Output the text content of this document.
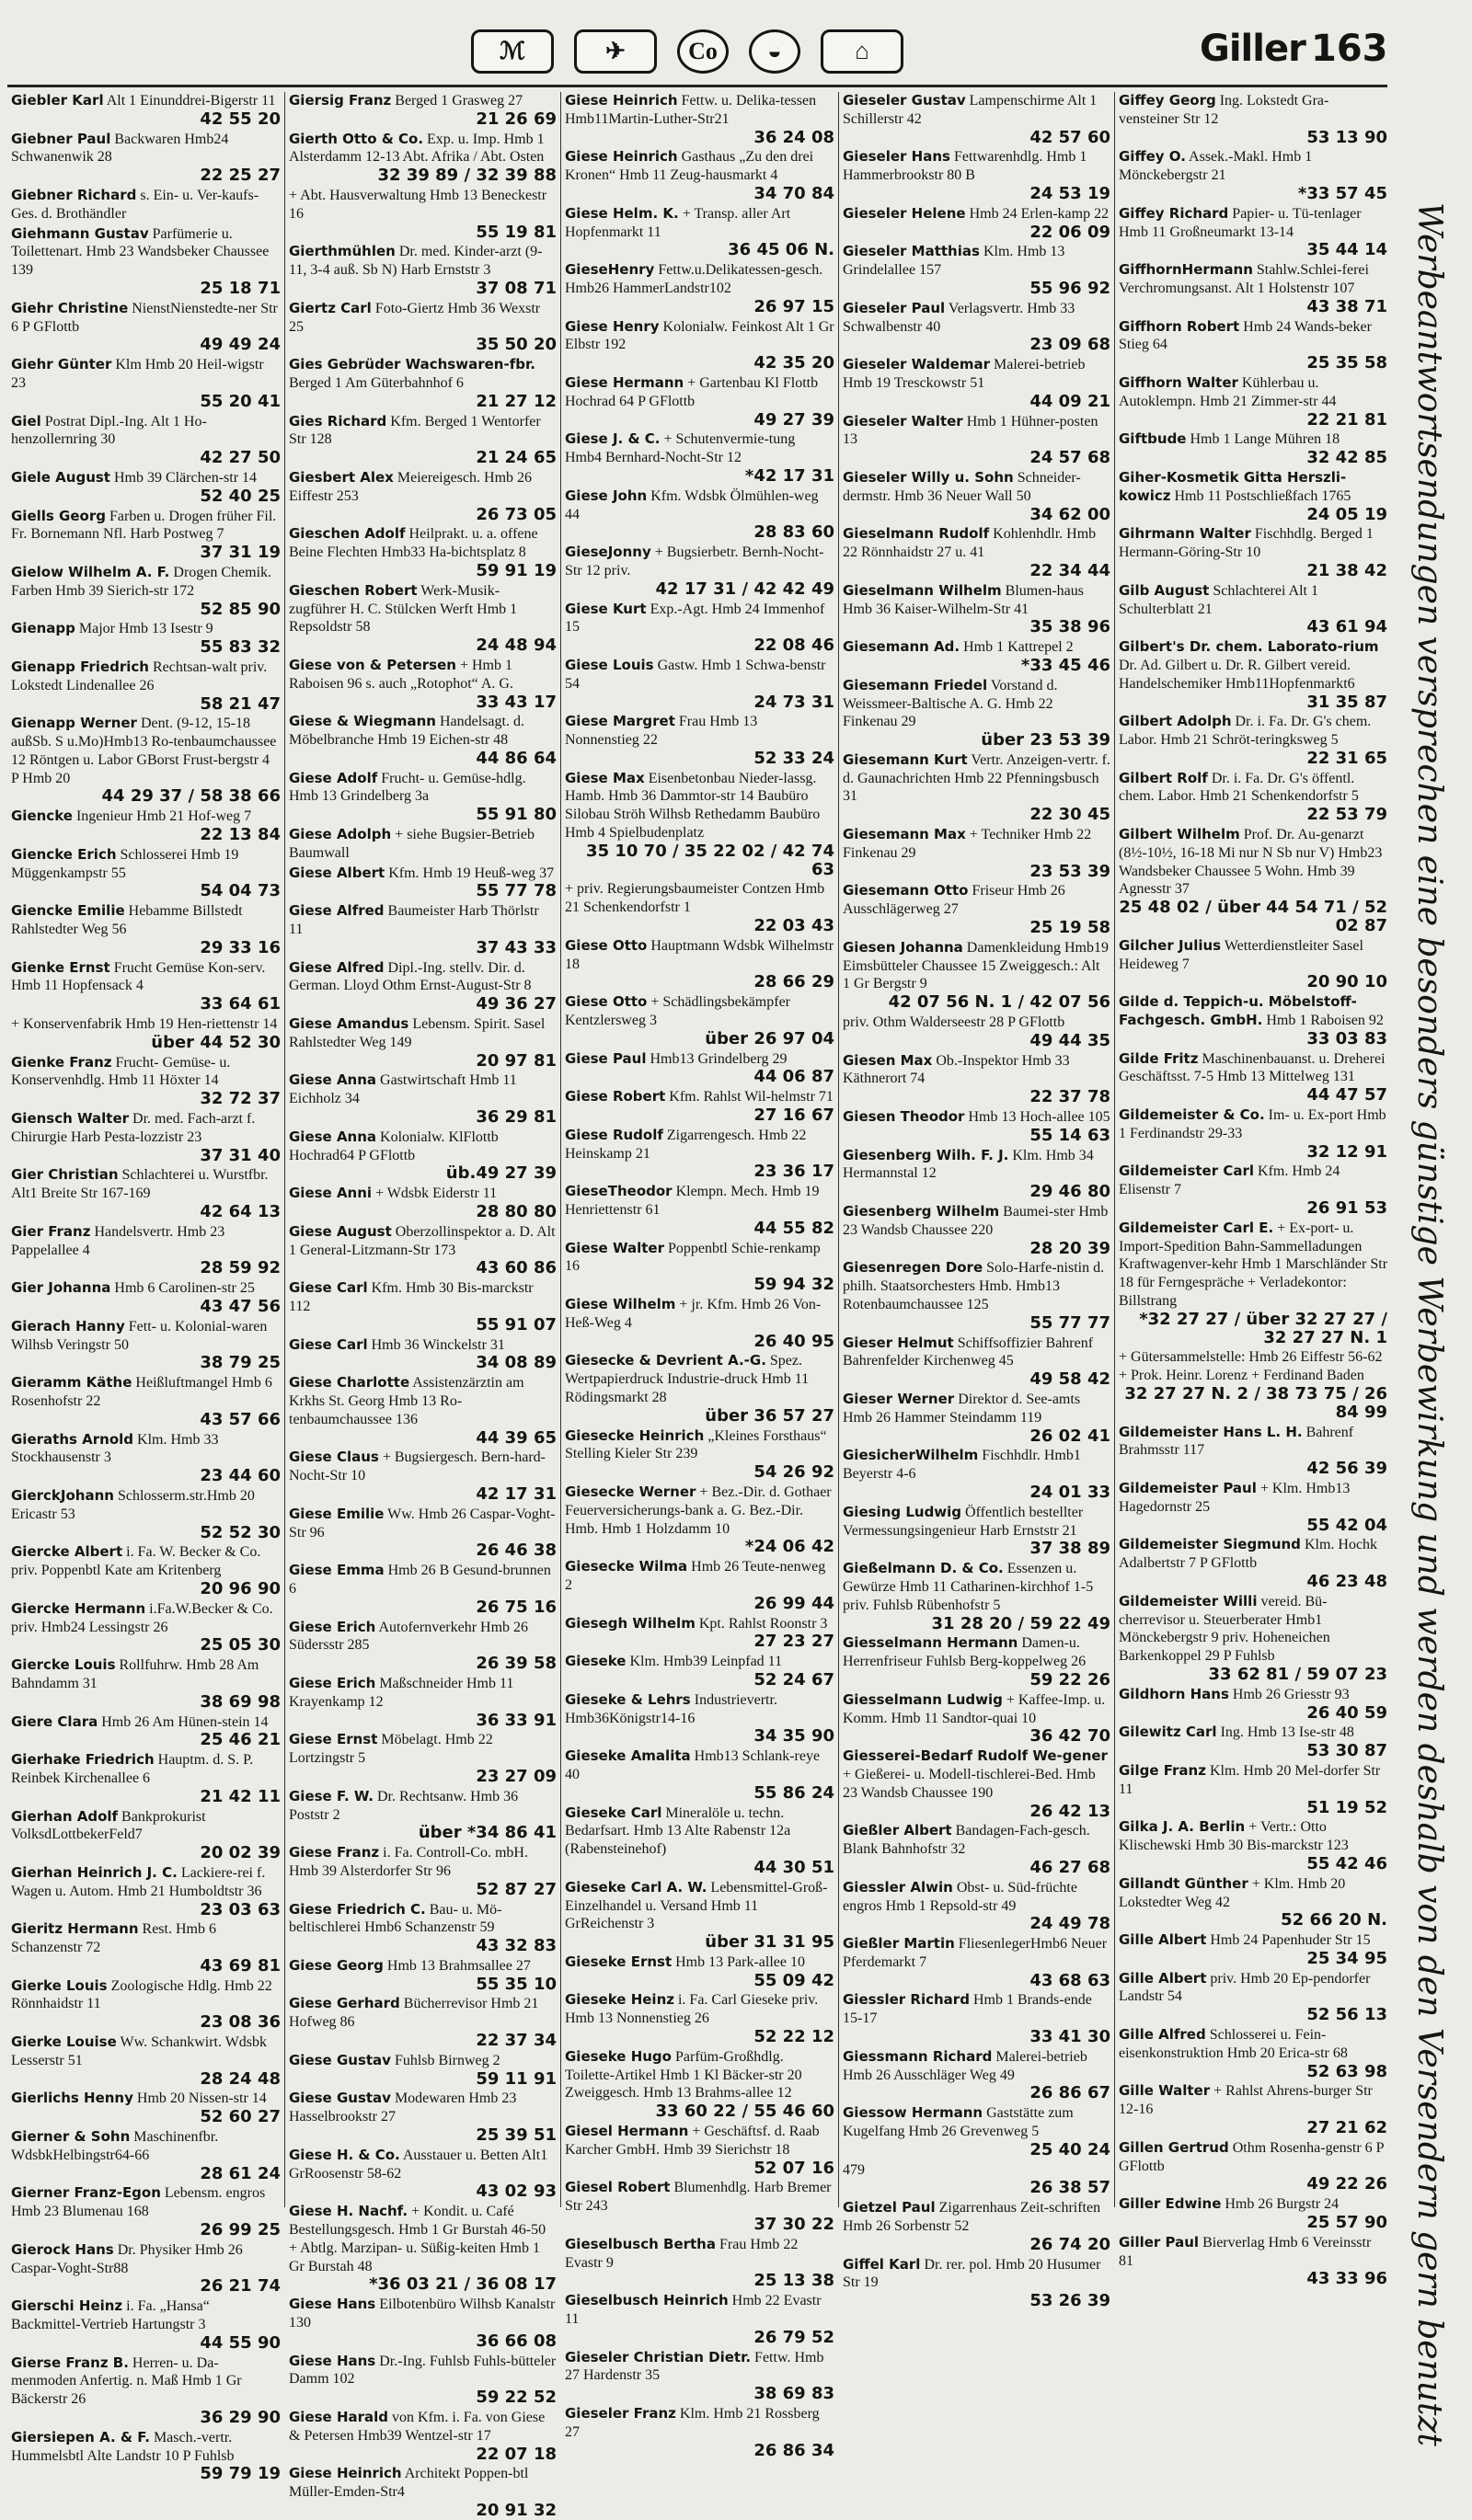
ℳ	✈	Co	◒	⌂	Giller 163
Giebler Karl Alt 1 Einunddrei-Bigerstr 11
42 55 20
Giebner Paul Backwaren Hmb24 Schwanenwik 28
22 25 27
Giebner Richard s. Ein- u. Ver-kaufs-Ges. d. Brothändler
Giehmann Gustav Parfümerie u. Toilettenart. Hmb 23 Wandsbeker Chaussee 139
25 18 71
Giehr Christine NienstNienstedte-ner Str 6 P GFlottb
49 49 24
Giehr Günter Klm Hmb 20 Heil-wigstr 23
55 20 41
Giel Postrat Dipl.-Ing. Alt 1 Ho-henzollernring 30
42 27 50
Giele August Hmb 39 Clärchen-str 14
52 40 25
Giells Georg Farben u. Drogen früher Fil. Fr. Bornemann Nfl. Harb Postweg 7
37 31 19
Gielow Wilhelm A. F. Drogen Chemik. Farben Hmb 39 Sierich-str 172
52 85 90
Gienapp Major Hmb 13 Isestr 9
55 83 32
Gienapp Friedrich Rechtsan-walt priv. Lokstedt Lindenallee 26
58 21 47
Gienapp Werner Dent. (9-12, 15-18 außSb. S u.Mo)Hmb13 Ro-tenbaumchaussee 12 Röntgen u. Labor GBorst Frust-bergstr 4 P Hmb 20
44 29 37 / 58 38 66
Giencke Ingenieur Hmb 21 Hof-weg 7
22 13 84
Giencke Erich Schlosserei Hmb 19 Müggenkampstr 55
54 04 73
Giencke Emilie Hebamme Billstedt Rahlstedter Weg 56
29 33 16
Gienke Ernst Frucht Gemüse Kon-serv. Hmb 11 Hopfensack 4
33 64 61
+ Konservenfabrik Hmb 19 Hen-riettenstr 14
über 44 52 30
Gienke Franz Frucht- Gemüse- u. Konservenhdlg. Hmb 11 Höxter 14
32 72 37
Giensch Walter Dr. med. Fach-arzt f. Chirurgie Harb Pesta-lozzistr 23
37 31 40
Gier Christian Schlachterei u. Wurstfbr. Alt1 Breite Str 167-169
42 64 13
Gier Franz Handelsvertr. Hmb 23 Pappelallee 4
28 59 92
Gier Johanna Hmb 6 Carolinen-str 25
43 47 56
Gierach Hanny Fett- u. Kolonial-waren Wilhsb Veringstr 50
38 79 25
Gieramm Käthe Heißluftmangel Hmb 6 Rosenhofstr 22
43 57 66
Gieraths Arnold Klm. Hmb 33 Stockhausenstr 3
23 44 60
GierckJohann Schlosserm.str.Hmb 20 Ericastr 53
52 52 30
Giercke Albert i. Fa. W. Becker & Co. priv. Poppenbtl Kate am Kritenberg
20 96 90
Giercke Hermann i.Fa.W.Becker & Co. priv. Hmb24 Lessingstr 26
25 05 30
Giercke Louis Rollfuhrw. Hmb 28 Am Bahndamm 31
38 69 98
Giere Clara Hmb 26 Am Hünen-stein 14
25 46 21
Gierhake Friedrich Hauptm. d. S. P. Reinbek Kirchenallee 6
21 42 11
Gierhan Adolf Bankprokurist VolksdLottbekerFeld7
20 02 39
Gierhan Heinrich J. C. Lackiere-rei f. Wagen u. Autom. Hmb 21 Humboldtstr 36
23 03 63
Gieritz Hermann Rest. Hmb 6 Schanzenstr 72
43 69 81
Gierke Louis Zoologische Hdlg. Hmb 22 Rönnhaidstr 11
23 08 36
Gierke Louise Ww. Schankwirt. Wdsbk Lesserstr 51
28 24 48
Gierlichs Henny Hmb 20 Nissen-str 14
52 60 27
Gierner & Sohn Maschinenfbr. WdsbkHelbingstr64-66
28 61 24
Gierner Franz-Egon Lebensm. engros Hmb 23 Blumenau 168
26 99 25
Gierock Hans Dr. Physiker Hmb 26 Caspar-Voght-Str88
26 21 74
Gierschi Heinz i. Fa. „Hansa“ Backmittel-Vertrieb Hartungstr 3
44 55 90
Gierse Franz B. Herren- u. Da-menmoden Anfertig. n. Maß Hmb 1 Gr Bäckerstr 26
36 29 90
Giersiepen A. & F. Masch.-vertr. Hummelsbtl Alte Landstr 10 P Fuhlsb
59 79 19
Giersig Franz Berged 1 Grasweg 27
21 26 69
Gierth Otto & Co. Exp. u. Imp. Hmb 1 Alsterdamm 12-13 Abt. Afrika / Abt. Osten
32 39 89 / 32 39 88
+ Abt. Hausverwaltung Hmb 13 Beneckestr 16
55 19 81
Gierthmühlen Dr. med. Kinder-arzt (9-11, 3-4 auß. Sb N) Harb Ernststr 3
37 08 71
Giertz Carl Foto-Giertz Hmb 36 Wexstr 25
35 50 20
Gies Gebrüder Wachswaren-fbr. Berged 1 Am Güterbahnhof 6
21 27 12
Gies Richard Kfm. Berged 1 Wentorfer Str 128
21 24 65
Giesbert Alex Meiereigesch. Hmb 26 Eiffestr 253
26 73 05
Gieschen Adolf Heilprakt. u. a. offene Beine Flechten Hmb33 Ha-bichtsplatz 8
59 91 19
Gieschen Robert Werk-Musik-zugführer H. C. Stülcken Werft Hmb 1 Repsoldstr 58
24 48 94
Giese von & Petersen + Hmb 1 Raboisen 96 s. auch „Rotophot“ A. G.
33 43 17
Giese & Wiegmann Handelsagt. d. Möbelbranche Hmb 19 Eichen-str 48
44 86 64
Giese Adolf Frucht- u. Gemüse-hdlg. Hmb 13 Grindelberg 3a
55 91 80
Giese Adolph + siehe Bugsier-Betrieb Baumwall
Giese Albert Kfm. Hmb 19 Heuß-weg 37
55 77 78
Giese Alfred Baumeister Harb Thörlstr 11
37 43 33
Giese Alfred Dipl.-Ing. stellv. Dir. d. German. Lloyd Othm Ernst-August-Str 8
49 36 27
Giese Amandus Lebensm. Spirit. Sasel Rahlstedter Weg 149
20 97 81
Giese Anna Gastwirtschaft Hmb 11 Eichholz 34
36 29 81
Giese Anna Kolonialw. KlFlottb Hochrad64 P GFlottb
üb.49 27 39
Giese Anni + Wdsbk Eiderstr 11
28 80 80
Giese August Oberzollinspektor a. D. Alt 1 General-Litzmann-Str 173
43 60 86
Giese Carl Kfm. Hmb 30 Bis-marckstr 112
55 91 07
Giese Carl Hmb 36 Winckelstr 31
34 08 89
Giese Charlotte Assistenzärztin am Krkhs St. Georg Hmb 13 Ro-tenbaumchaussee 136
44 39 65
Giese Claus + Bugsiergesch. Bern-hard-Nocht-Str 10
42 17 31
Giese Emilie Ww. Hmb 26 Caspar-Voght-Str 96
26 46 38
Giese Emma Hmb 26 B Gesund-brunnen 6
26 75 16
Giese Erich Autofernverkehr Hmb 26 Südersstr 285
26 39 58
Giese Erich Maßschneider Hmb 11 Krayenkamp 12
36 33 91
Giese Ernst Möbelagt. Hmb 22 Lortzingstr 5
23 27 09
Giese F. W. Dr. Rechtsanw. Hmb 36 Poststr 2
über *34 86 41
Giese Franz i. Fa. Controll-Co. mbH. Hmb 39 Alsterdorfer Str 96
52 87 27
Giese Friedrich C. Bau- u. Mö-beltischlerei Hmb6 Schanzenstr 59
43 32 83
Giese Georg Hmb 13 Brahmsallee 27
55 35 10
Giese Gerhard Bücherrevisor Hmb 21 Hofweg 86
22 37 34
Giese Gustav Fuhlsb Birnweg 2
59 11 91
Giese Gustav Modewaren Hmb 23 Hasselbrookstr 27
25 39 51
Giese H. & Co. Ausstauer u. Betten Alt1 GrRoosenstr 58-62
43 02 93
Giese H. Nachf. + Kondit. u. Café Bestellungsgesch. Hmb 1 Gr Burstah 46-50 + Abtlg. Marzipan- u. Süßig-keiten Hmb 1 Gr Burstah 48
*36 03 21 / 36 08 17
Giese Hans Eilbotenbüro Wilhsb Kanalstr 130
36 66 08
Giese Hans Dr.-Ing. Fuhlsb Fuhls-bütteler Damm 102
59 22 52
Giese Harald von Kfm. i. Fa. von Giese & Petersen Hmb39 Wentzel-str 17
22 07 18
Giese Heinrich Architekt Poppen-btl Müller-Emden-Str4
20 91 32
Giese Heinrich Fettw. u. Delika-tessen Hmb11Martin-Luther-Str21
36 24 08
Giese Heinrich Gasthaus „Zu den drei Kronen“ Hmb 11 Zeug-hausmarkt 4
34 70 84
Giese Helm. K. + Transp. aller Art Hopfenmarkt 11
36 45 06 N.
GieseHenry Fettw.u.Delikatessen-gesch. Hmb26 HammerLandstr102
26 97 15
Giese Henry Kolonialw. Feinkost Alt 1 Gr Elbstr 192
42 35 20
Giese Hermann + Gartenbau Kl Flottb Hochrad 64 P GFlottb
49 27 39
Giese J. & C. + Schutenvermie-tung Hmb4 Bernhard-Nocht-Str 12
*42 17 31
Giese John Kfm. Wdsbk Ölmühlen-weg 44
28 83 60
GieseJonny + Bugsierbetr. Bernh-Nocht-Str 12 priv.
42 17 31 / 42 42 49
Giese Kurt Exp.-Agt. Hmb 24 Immenhof 15
22 08 46
Giese Louis Gastw. Hmb 1 Schwa-benstr 54
24 73 31
Giese Margret Frau Hmb 13 Nonnenstieg 22
52 33 24
Giese Max Eisenbetonbau Nieder-lassg. Hamb. Hmb 36 Dammtor-str 14 Baubüro Silobau Ströh Wilhsb Rethedamm Baubüro Hmb 4 Spielbudenplatz
35 10 70 / 35 22 02 / 42 74 63
+ priv. Regierungsbaumeister Contzen Hmb 21 Schenkendorfstr 1
22 03 43
Giese Otto Hauptmann Wdsbk Wilhelmstr 18
28 66 29
Giese Otto + Schädlingsbekämpfer Kentzlersweg 3
über 26 97 04
Giese Paul Hmb13 Grindelberg 29
44 06 87
Giese Robert Kfm. Rahlst Wil-helmstr 71
27 16 67
Giese Rudolf Zigarrengesch. Hmb 22 Heinskamp 21
23 36 17
GieseTheodor Klempn. Mech. Hmb 19 Henriettenstr 61
44 55 82
Giese Walter Poppenbtl Schie-renkamp 16
59 94 32
Giese Wilhelm + jr. Kfm. Hmb 26 Von-Heß-Weg 4
26 40 95
Giesecke & Devrient A.-G. Spez. Wertpapierdruck Industrie-druck Hmb 11 Rödingsmarkt 28
über 36 57 27
Giesecke Heinrich „Kleines Forsthaus“ Stelling Kieler Str 239
54 26 92
Giesecke Werner + Bez.-Dir. d. Gothaer Feuerversicherungs-bank a. G. Bez.-Dir. Hmb. Hmb 1 Holzdamm 10
*24 06 42
Giesecke Wilma Hmb 26 Teute-nenweg 2
26 99 44
Giesegh Wilhelm Kpt. Rahlst Roonstr 3
27 23 27
Gieseke Klm. Hmb39 Leinpfad 11
52 24 67
Gieseke & Lehrs Industrievertr. Hmb36Königstr14-16
34 35 90
Gieseke Amalita Hmb13 Schlank-reye 40
55 86 24
Gieseke Carl Mineralöle u. techn. Bedarfsart. Hmb 13 Alte Rabenstr 12a (Rabensteinehof)
44 30 51
Gieseke Carl A. W. Lebensmittel-Groß-Einzelhandel u. Versand Hmb 11 GrReichenstr 3
über 31 31 95
Gieseke Ernst Hmb 13 Park-allee 10
55 09 42
Gieseke Heinz i. Fa. Carl Gieseke priv. Hmb 13 Nonnenstieg 26
52 22 12
Gieseke Hugo Parfüm-Großhdlg. Toilette-Artikel Hmb 1 Kl Bäcker-str 20 Zweiggesch. Hmb 13 Brahms-allee 12
33 60 22 / 55 46 60
Giesel Hermann + Geschäftsf. d. Raab Karcher GmbH. Hmb 39 Sierichstr 18
52 07 16
Giesel Robert Blumenhdlg. Harb Bremer Str 243
37 30 22
Gieselbusch Bertha Frau Hmb 22 Evastr 9
25 13 38
Gieselbusch Heinrich Hmb 22 Evastr 11
26 79 52
Gieseler Christian Dietr. Fettw. Hmb 27 Hardenstr 35
38 69 83
Gieseler Franz Klm. Hmb 21 Rossberg 27
26 86 34
Gieseler Gustav Lampenschirme Alt 1 Schillerstr 42
42 57 60
Gieseler Hans Fettwarenhdlg. Hmb 1 Hammerbrookstr 80 B
24 53 19
Gieseler Helene Hmb 24 Erlen-kamp 22
22 06 09
Gieseler Matthias Klm. Hmb 13 Grindelallee 157
55 96 92
Gieseler Paul Verlagsvertr. Hmb 33 Schwalbenstr 40
23 09 68
Gieseler Waldemar Malerei-betrieb Hmb 19 Tresckowstr 51
44 09 21
Gieseler Walter Hmb 1 Hühner-posten 13
24 57 68
Gieseler Willy u. Sohn Schneider-dermstr. Hmb 36 Neuer Wall 50
34 62 00
Gieselmann Rudolf Kohlenhdlr. Hmb 22 Rönnhaidstr 27 u. 41
22 34 44
Gieselmann Wilhelm Blumen-haus Hmb 36 Kaiser-Wilhelm-Str 41
35 38 96
Giesemann Ad. Hmb 1 Kattrepel 2
*33 45 46
Giesemann Friedel Vorstand d. Weissmeer-Baltische A. G. Hmb 22 Finkenau 29
über 23 53 39
Giesemann Kurt Vertr. Anzeigen-vertr. f. d. Gaunachrichten Hmb 22 Pfenningsbusch 31
22 30 45
Giesemann Max + Techniker Hmb 22 Finkenau 29
23 53 39
Giesemann Otto Friseur Hmb 26 Ausschlägerweg 27
25 19 58
Giesen Johanna Damenkleidung Hmb19 Eimsbütteler Chaussee 15 Zweiggesch.: Alt 1 Gr Bergstr 9
42 07 56 N. 1 / 42 07 56
priv. Othm Walderseestr 28 P GFlottb
49 44 35
Giesen Max Ob.-Inspektor Hmb 33 Käthnerort 74
22 37 78
Giesen Theodor Hmb 13 Hoch-allee 105
55 14 63
Giesenberg Wilh. F. J. Klm. Hmb 34 Hermannstal 12
29 46 80
Giesenberg Wilhelm Baumei-ster Hmb 23 Wandsb Chaussee 220
28 20 39
Giesenregen Dore Solo-Harfe-nistin d. philh. Staatsorchesters Hmb. Hmb13 Rotenbaumchaussee 125
55 77 77
Gieser Helmut Schiffsoffizier Bahrenf Bahrenfelder Kirchenweg 45
49 58 42
Gieser Werner Direktor d. See-amts Hmb 26 Hammer Steindamm 119
26 02 41
GiesicherWilhelm Fischhdlr. Hmb1 Beyerstr 4-6
24 01 33
Giesing Ludwig Öffentlich bestellter Vermessungsingenieur Harb Ernststr 21
37 38 89
Gießelmann D. & Co. Essenzen u. Gewürze Hmb 11 Catharinen-kirchhof 1-5 priv. Fuhlsb Rübenhofstr 5
31 28 20 / 59 22 49
Giesselmann Hermann Damen-u. Herrenfriseur Fuhlsb Berg-koppelweg 26
59 22 26
Giesselmann Ludwig + Kaffee-Imp. u. Komm. Hmb 11 Sandtor-quai 10
36 42 70
Giesserei-Bedarf Rudolf We-gener + Gießerei- u. Modell-tischlerei-Bed. Hmb 23 Wandsb Chaussee 190
26 42 13
Gießler Albert Bandagen-Fach-gesch. Blank Bahnhofstr 32
46 27 68
Giessler Alwin Obst- u. Süd-früchte engros Hmb 1 Repsold-str 49
24 49 78
Gießler Martin FliesenlegerHmb6 Neuer Pferdemarkt 7
43 68 63
Giessler Richard Hmb 1 Brands-ende 15-17
33 41 30
Giessmann Richard Malerei-betrieb Hmb 26 Ausschläger Weg 49
26 86 67
Giessow Hermann Gaststätte zum Kugelfang Hmb 26 Grevenweg 5
25 40 24
479
26 38 57
Gietzel Paul Zigarrenhaus Zeit-schriften Hmb 26 Sorbenstr 52
26 74 20
Giffel Karl Dr. rer. pol. Hmb 20 Husumer Str 19
53 26 39
Giffey Georg Ing. Lokstedt Gra-vensteiner Str 12
53 13 90
Giffey O. Assek.-Makl. Hmb 1 Mönckebergstr 21
*33 57 45
Giffey Richard Papier- u. Tü-tenlager Hmb 11 Großneumarkt 13-14
35 44 14
GiffhornHermann Stahlw.Schlei-ferei Verchromungsanst. Alt 1 Holstenstr 107
43 38 71
Giffhorn Robert Hmb 24 Wands-beker Stieg 64
25 35 58
Giffhorn Walter Kühlerbau u. Autoklempn. Hmb 21 Zimmer-str 44
22 21 81
Giftbude Hmb 1 Lange Mühren 18
32 42 85
Giher-Kosmetik Gitta Herszli-kowicz Hmb 11 Postschließfach 1765
24 05 19
Gihrmann Walter Fischhdlg. Berged 1 Hermann-Göring-Str 10
21 38 42
Gilb August Schlachterei Alt 1 Schulterblatt 21
43 61 94
Gilbert's Dr. chem. Laborato-rium Dr. Ad. Gilbert u. Dr. R. Gilbert vereid. Handelschemiker Hmb11Hopfenmarkt6
31 35 87
Gilbert Adolph Dr. i. Fa. Dr. G's chem. Labor. Hmb 21 Schröt-teringksweg 5
22 31 65
Gilbert Rolf Dr. i. Fa. Dr. G's öffentl. chem. Labor. Hmb 21 Schenkendorfstr 5
22 53 79
Gilbert Wilhelm Prof. Dr. Au-genarzt (8½-10½, 16-18 Mi nur N Sb nur V) Hmb23 Wandsbeker Chaussee 5 Wohn. Hmb 39 Agnesstr 37
25 48 02 / über 44 54 71 / 52 02 87
Gilcher Julius Wetterdienstleiter Sasel Heideweg 7
20 90 10
Gilde d. Teppich-u. Möbelstoff-Fachgesch. GmbH. Hmb 1 Raboisen 92
33 03 83
Gilde Fritz Maschinenbauanst. u. Dreherei Geschäftsst. 7-5 Hmb 13 Mittelweg 131
44 47 57
Gildemeister & Co. Im- u. Ex-port Hmb 1 Ferdinandstr 29-33
32 12 91
Gildemeister Carl Kfm. Hmb 24 Elisenstr 7
26 91 53
Gildemeister Carl E. + Ex-port- u. Import-Spedition Bahn-Sammelladungen Kraftwagenver-kehr Hmb 1 Marschländer Str 18 für Ferngespräche + Verladekontor: Billstrang
*32 27 27 / über 32 27 27 / 32 27 27 N. 1
+ Gütersammelstelle: Hmb 26 Eiffestr 56-62 + Prok. Heinr. Lorenz + Ferdinand Baden
32 27 27 N. 2 / 38 73 75 / 26 84 99
Gildemeister Hans L. H. Bahrenf Brahmsstr 117
42 56 39
Gildemeister Paul + Klm. Hmb13 Hagedornstr 25
55 42 04
Gildemeister Siegmund Klm. Hochk Adalbertstr 7 P GFlottb
46 23 48
Gildemeister Willi vereid. Bü-cherrevisor u. Steuerberater Hmb1 Mönckebergstr 9 priv. Hoheneichen Barkenkoppel 29 P Fuhlsb
33 62 81 / 59 07 23
Gildhorn Hans Hmb 26 Griesstr 93
26 40 59
Gilewitz Carl Ing. Hmb 13 Ise-str 48
53 30 87
Gilge Franz Klm. Hmb 20 Mel-dorfer Str 11
51 19 52
Gilka J. A. Berlin + Vertr.: Otto Klischewski Hmb 30 Bis-marckstr 123
55 42 46
Gillandt Günther + Klm. Hmb 20 Lokstedter Weg 42
52 66 20 N.
Gille Albert Hmb 24 Papenhuder Str 15
25 34 95
Gille Albert priv. Hmb 20 Ep-pendorfer Landstr 54
52 56 13
Gille Alfred Schlosserei u. Fein-eisenkonstruktion Hmb 20 Erica-str 68
52 63 98
Gille Walter + Rahlst Ahrens-burger Str 12-16
27 21 62
Gillen Gertrud Othm Rosenha-genstr 6 P GFlottb
49 22 26
Giller Edwine Hmb 26 Burgstr 24
25 57 90
Giller Paul Bierverlag Hmb 6 Vereinsstr 81
43 33 96 Werbeantwortsendungen versprechen eine besonders günstige Werbewirkung und werden deshalb von den Versendern gern benutzt
